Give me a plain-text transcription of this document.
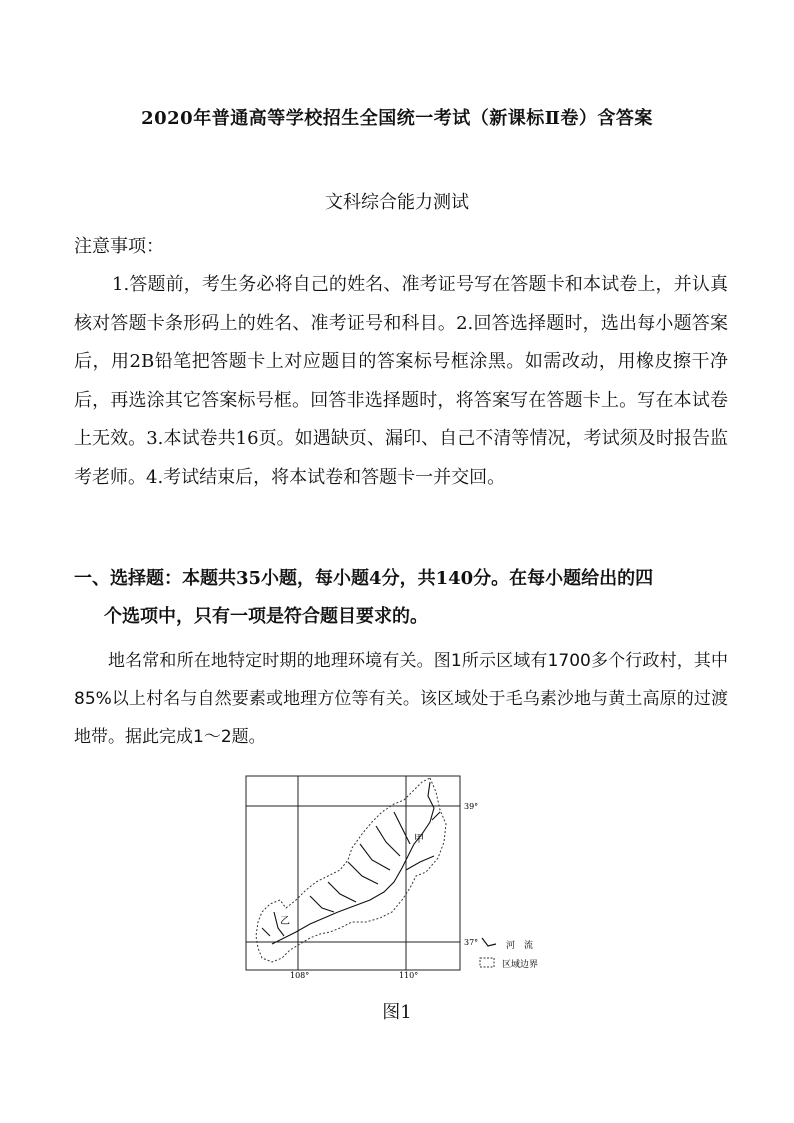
2020年普通高等学校招生全国统一考试（新课标Ⅱ卷）含答案
文科综合能力测试
注意事项：
1.答题前，考生务必将自己的姓名、准考证号写在答题卡和本试卷上，并认真核对答题卡条形码上的姓名、准考证号和科目。2.回答选择题时，选出每小题答案后，用2B铅笔把答题卡上对应题目的答案标号框涂黑。如需改动，用橡皮擦干净后，再选涂其它答案标号框。回答非选择题时，将答案写在答题卡上。写在本试卷上无效。3.本试卷共16页。如遇缺页、漏印、自己不清等情况，考试须及时报告监考老师。4.考试结束后，将本试卷和答题卡一并交回。
一、选择题：本题共35小题，每小题4分，共140分。在每小题给出的四
个选项中，只有一项是符合题目要求的。
地名常和所在地特定时期的地理环境有关。图1所示区域有1700多个行政村，其中85%以上村名与自然要素或地理方位等有关。该区域处于毛乌素沙地与黄土高原的过渡地带。据此完成1～2题。
甲
乙
39°
37°
108°	110°
河　流
区域边界
图1
